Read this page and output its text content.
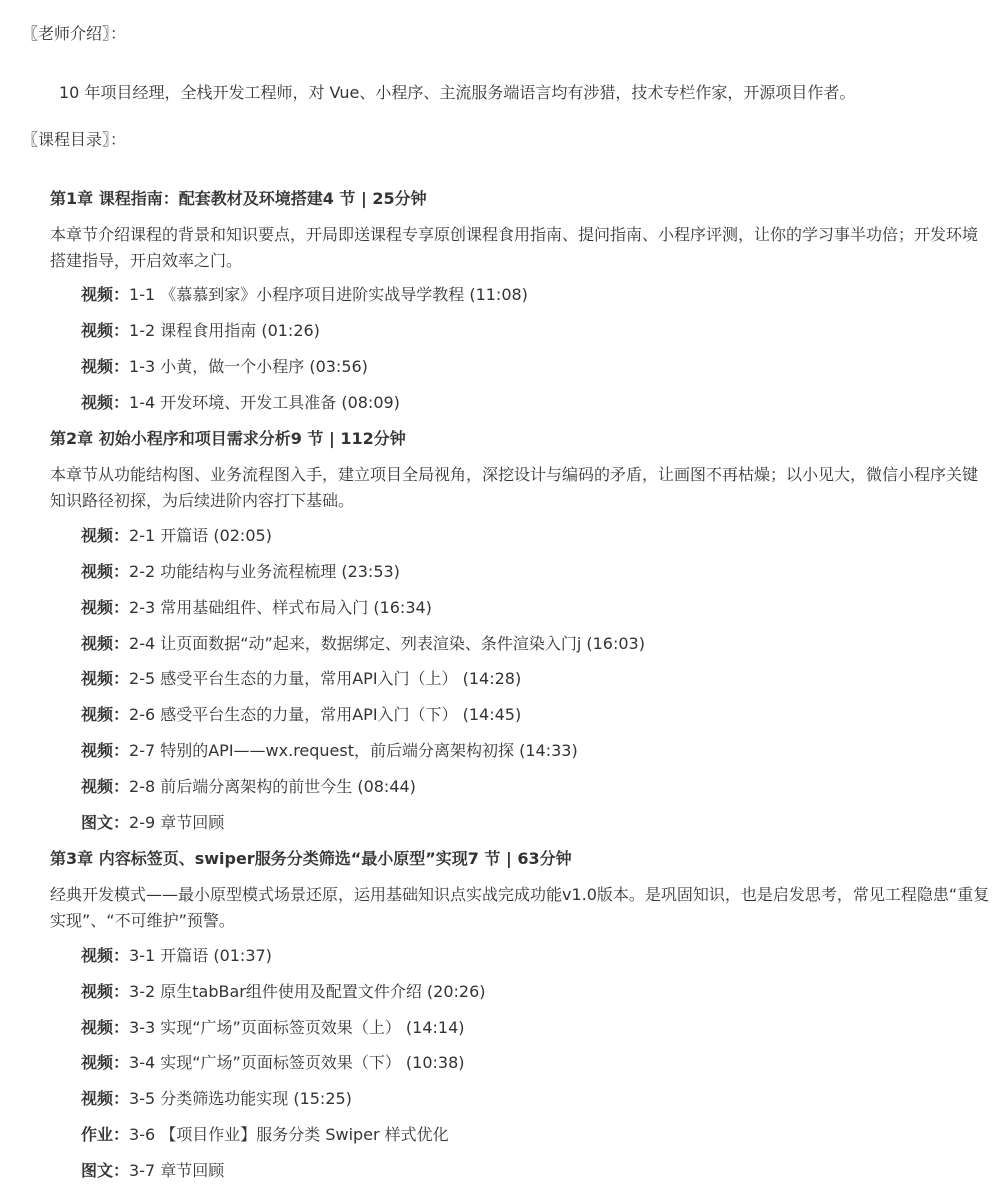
〖老师介绍〗：
10 年项目经理，全栈开发工程师，对 Vue、小程序、主流服务端语言均有涉猎，技术专栏作家，开源项目作者。
〖课程目录〗：
第1章 课程指南：配套教材及环境搭建4 节 | 25分钟
本章节介绍课程的背景和知识要点，开局即送课程专享原创课程食用指南、提问指南、小程序评测，让你的学习事半功倍；开发环境搭建指导，开启效率之门。
视频：1-1 《慕慕到家》小程序项目进阶实战导学教程 (11:08)
视频：1-2 课程食用指南 (01:26)
视频：1-3 小黄，做一个小程序 (03:56)
视频：1-4 开发环境、开发工具准备 (08:09)
第2章 初始小程序和项目需求分析9 节 | 112分钟
本章节从功能结构图、业务流程图入手，建立项目全局视角，深挖设计与编码的矛盾，让画图不再枯燥；以小见大，微信小程序关键知识路径初探，为后续进阶内容打下基础。
视频：2-1 开篇语 (02:05)
视频：2-2 功能结构与业务流程梳理 (23:53)
视频：2-3 常用基础组件、样式布局入门 (16:34)
视频：2-4 让页面数据“动”起来，数据绑定、列表渲染、条件渲染入门j (16:03)
视频：2-5 感受平台生态的力量，常用API入门（上） (14:28)
视频：2-6 感受平台生态的力量，常用API入门（下） (14:45)
视频：2-7 特别的API——wx.request，前后端分离架构初探 (14:33)
视频：2-8 前后端分离架构的前世今生 (08:44)
图文：2-9 章节回顾
第3章 内容标签页、swiper服务分类筛选“最小原型”实现7 节 | 63分钟
经典开发模式——最小原型模式场景还原，运用基础知识点实战完成功能v1.0版本。是巩固知识，也是启发思考，常见工程隐患“重复实现”、“不可维护”预警。
视频：3-1 开篇语 (01:37)
视频：3-2 原生tabBar组件使用及配置文件介绍 (20:26)
视频：3-3 实现“广场”页面标签页效果（上） (14:14)
视频：3-4 实现“广场”页面标签页效果（下） (10:38)
视频：3-5 分类筛选功能实现 (15:25)
作业：3-6 【项目作业】服务分类 Swiper 样式优化
图文：3-7 章节回顾
